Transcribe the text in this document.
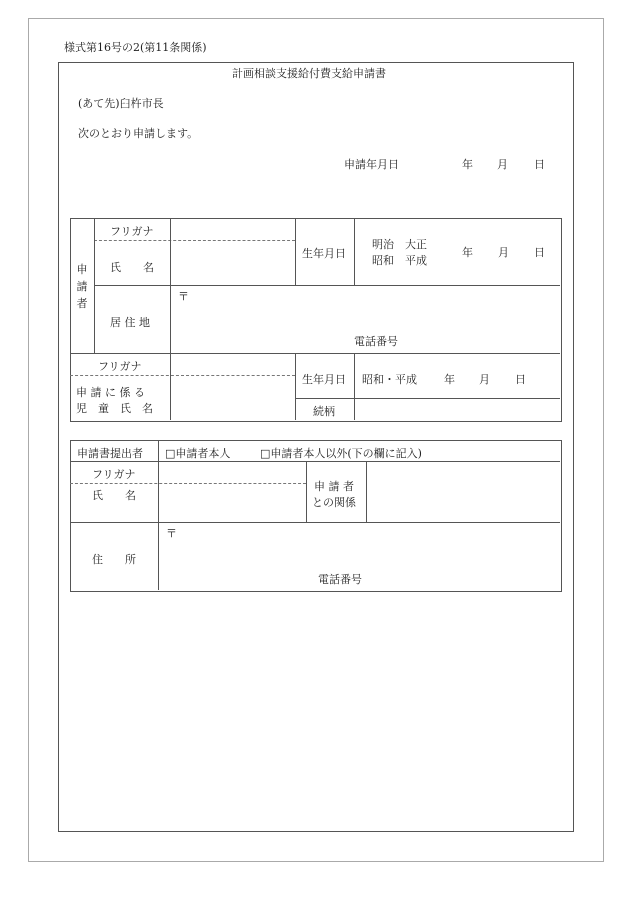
様式第16号の2(第11条関係)
計画相談支援給付費支給申請書
(あて先)臼杵市長
次のとおり申請します。
申請年月日	年 月 日
申
請
者
フリガナ
氏　　名
生年月日
明治　大正
昭和　平成
年 月 日
居 住 地
〒
電話番号
フリガナ
申 請 に 係 る
児　童　氏　名
生年月日 昭和・平成 年 月 日
続柄
申請書提出者 □申請者本人	□申請者本人以外(下の欄に記入)
フリガナ
氏　　名
申 請 者
との関係
〒
住　　所
電話番号
